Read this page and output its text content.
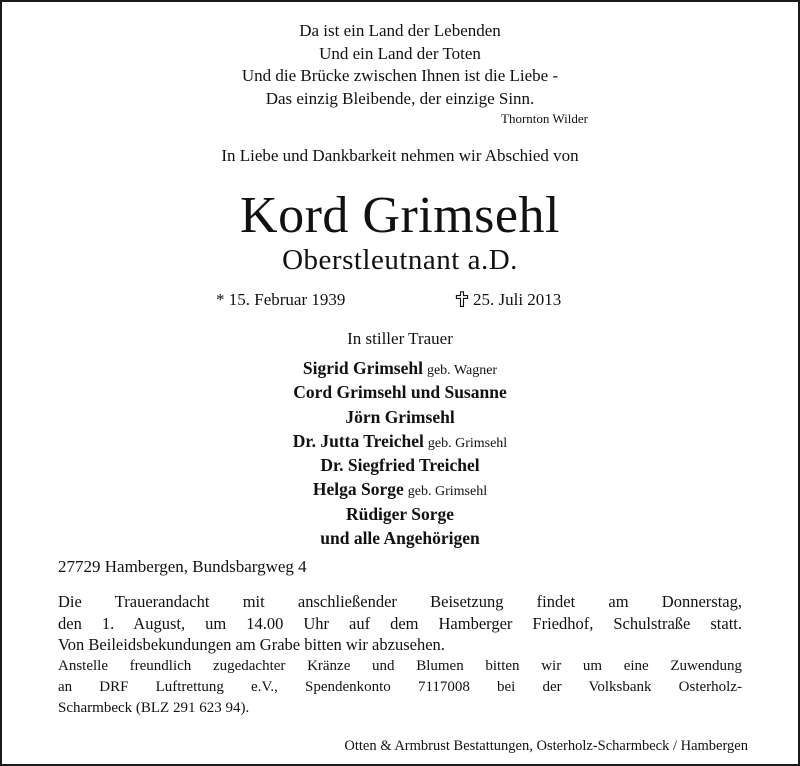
Da ist ein Land der Lebenden
Und ein Land der Toten
Und die Brücke zwischen Ihnen ist die Liebe -
Das einzig Bleibende, der einzige Sinn.
Thornton Wilder
In Liebe und Dankbarkeit nehmen wir Abschied von
Kord Grimsehl
Oberstleutnant a.D.
* 15. Februar 1939	25. Juli 2013
In stiller Trauer
Sigrid Grimsehl geb. Wagner
Cord Grimsehl und Susanne
Jörn Grimsehl
Dr. Jutta Treichel geb. Grimsehl
Dr. Siegfried Treichel
Helga Sorge geb. Grimsehl
Rüdiger Sorge
und alle Angehörigen
27729 Hambergen, Bundsbargweg 4
Die Trauerandacht mit anschließender Beisetzung findet am Donnerstag,
den 1. August, um 14.00 Uhr auf dem Hamberger Friedhof, Schulstraße statt.
Von Beileidsbekundungen am Grabe bitten wir abzusehen.
Anstelle freundlich zugedachter Kränze und Blumen bitten wir um eine Zuwendung
an DRF Luftrettung e.V., Spendenkonto 7117008 bei der Volksbank Osterholz-
Scharmbeck (BLZ 291 623 94).
Otten & Armbrust Bestattungen, Osterholz-Scharmbeck / Hambergen
